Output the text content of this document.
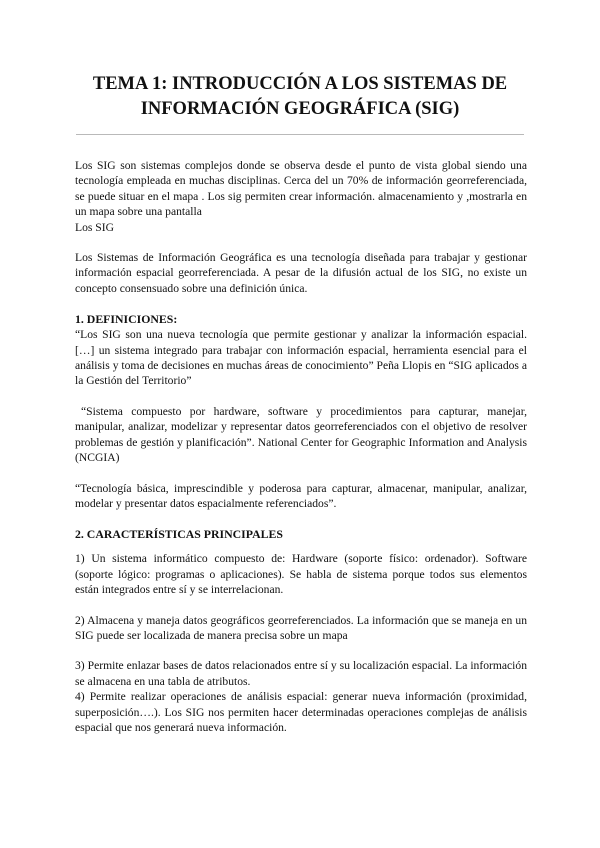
TEMA 1: INTRODUCCIÓN A LOS SISTEMAS DE
INFORMACIÓN GEOGRÁFICA (SIG)

Los SIG son sistemas complejos donde se observa desde el punto de vista global siendo una tecnología empleada en muchas disciplinas. Cerca del un 70% de información georreferenciada, se puede situar en el mapa . Los sig permiten crear información. almacenamiento y ,mostrarla en un mapa sobre una pantalla

Los SIG

Los Sistemas de Información Geográfica es una tecnología diseñada para trabajar y gestionar información espacial georreferenciada. A pesar de la difusión actual de los SIG, no existe un concepto consensuado sobre una definición única.

1. DEFINICIONES:

“Los SIG son una nueva tecnología que permite gestionar y analizar la información espacial. […] un sistema integrado para trabajar con información espacial, herramienta esencial para el análisis y toma de decisiones en muchas áreas de conocimiento” Peña Llopis en “SIG aplicados a la Gestión del Territorio”

“Sistema compuesto por hardware, software y procedimientos para capturar, manejar, manipular, analizar, modelizar y representar datos georreferenciados con el objetivo de resolver problemas de gestión y planificación”. National Center for Geographic Information and Analysis (NCGIA)

“Tecnología básica, imprescindible y poderosa para capturar, almacenar, manipular, analizar, modelar y presentar datos espacialmente referenciados”.

2. CARACTERÍSTICAS PRINCIPALES

1) Un sistema informático compuesto de: Hardware (soporte físico: ordenador). Software (soporte lógico: programas o aplicaciones). Se habla de sistema porque todos sus elementos están integrados entre sí y se interrelacionan.

2) Almacena y maneja datos geográficos georreferenciados. La información que se maneja en un SIG puede ser localizada de manera precisa sobre un mapa

3) Permite enlazar bases de datos relacionados entre sí y su localización espacial. La información se almacena en una tabla de atributos.

4) Permite realizar operaciones de análisis espacial: generar nueva información (proximidad, superposición….). Los SIG nos permiten hacer determinadas operaciones complejas de análisis espacial que nos generará nueva información.
